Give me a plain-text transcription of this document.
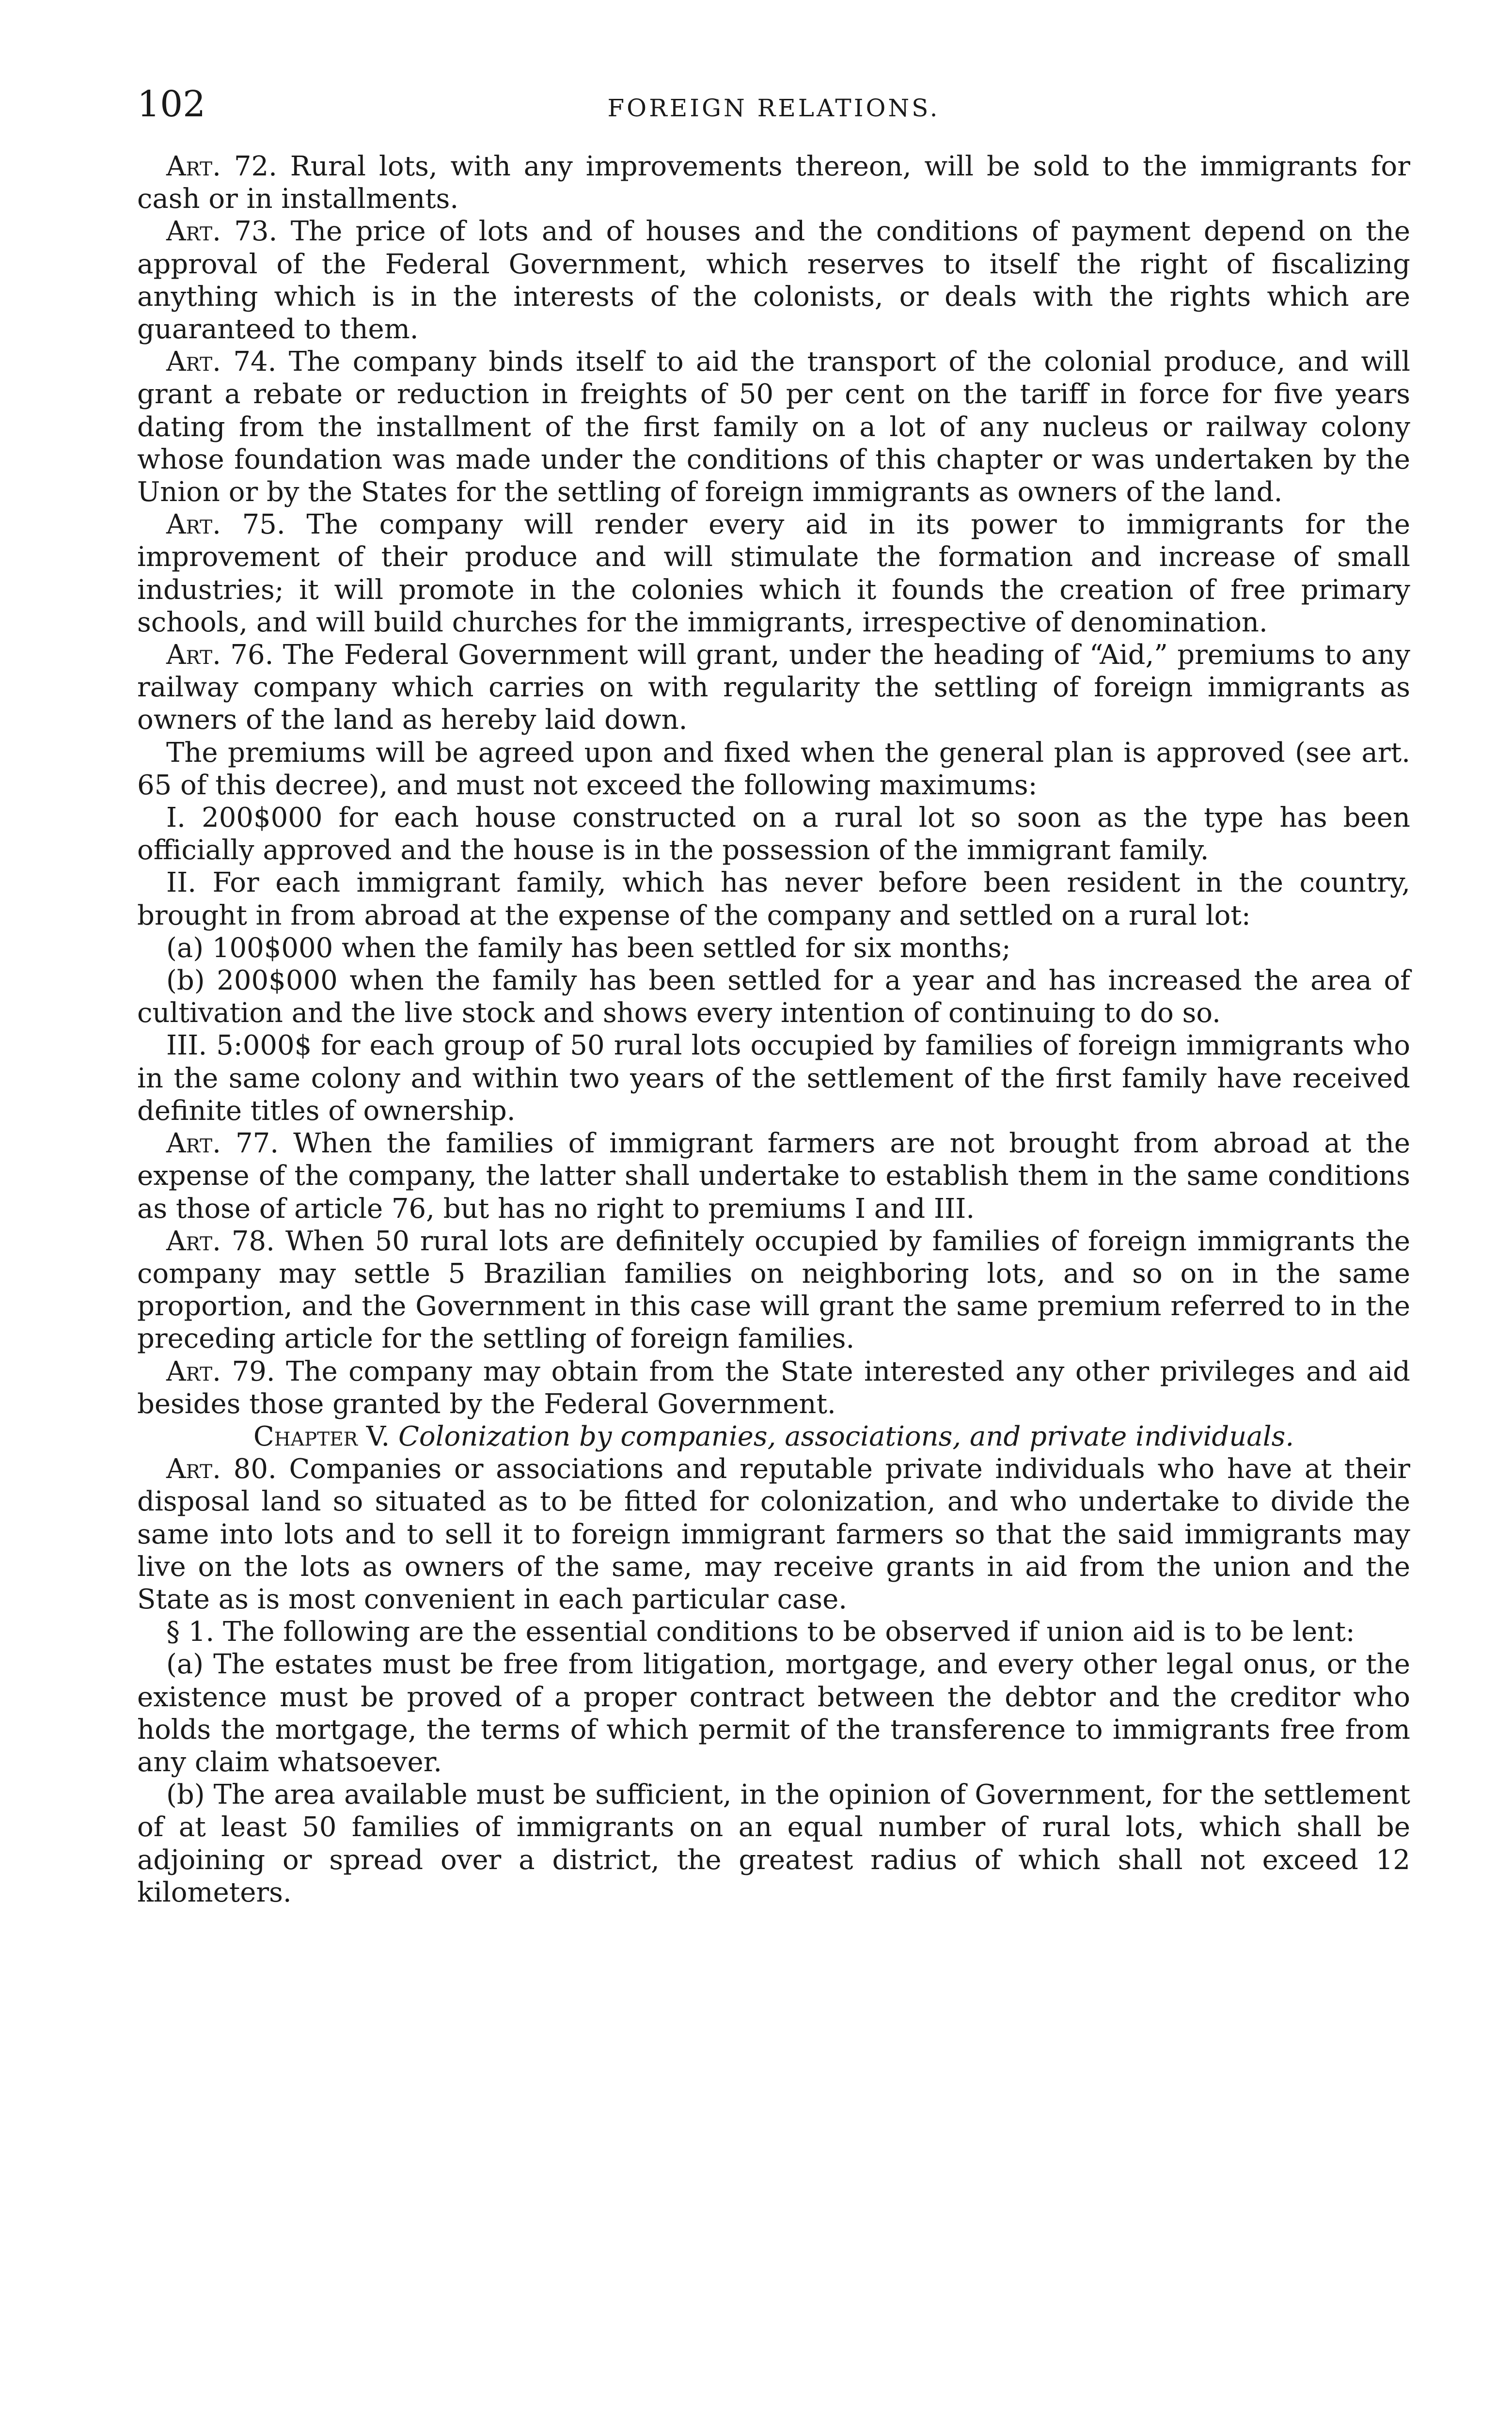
102	FOREIGN RELATIONS.

Art. 72. Rural lots, with any improvements thereon, will be sold to the immigrants for cash or in installments.

Art. 73. The price of lots and of houses and the conditions of payment depend on the approval of the Federal Government, which reserves to itself the right of fiscalizing anything which is in the interests of the colonists, or deals with the rights which are guaranteed to them.

Art. 74. The company binds itself to aid the transport of the colonial produce, and will grant a rebate or reduction in freights of 50 per cent on the tariff in force for five years dating from the installment of the first family on a lot of any nucleus or railway colony whose foundation was made under the conditions of this chapter or was undertaken by the Union or by the States for the settling of foreign immigrants as owners of the land.

Art. 75. The company will render every aid in its power to immigrants for the improvement of their produce and will stimulate the formation and increase of small industries; it will promote in the colonies which it founds the creation of free primary schools, and will build churches for the immigrants, irrespective of denomination.

Art. 76. The Federal Government will grant, under the heading of “Aid,” premiums to any railway company which carries on with regularity the settling of foreign immigrants as owners of the land as hereby laid down.

The premiums will be agreed upon and fixed when the general plan is approved (see art. 65 of this decree), and must not exceed the following maximums:

I. 200$000 for each house constructed on a rural lot so soon as the type has been officially approved and the house is in the possession of the immigrant family.

II. For each immigrant family, which has never before been resident in the country, brought in from abroad at the expense of the company and settled on a rural lot:

(a) 100$000 when the family has been settled for six months;

(b) 200$000 when the family has been settled for a year and has increased the area of cultivation and the live stock and shows every intention of continuing to do so.

III. 5:000$ for each group of 50 rural lots occupied by families of foreign immigrants who in the same colony and within two years of the settlement of the first family have received definite titles of ownership.

Art. 77. When the families of immigrant farmers are not brought from abroad at the expense of the company, the latter shall undertake to establish them in the same conditions as those of article 76, but has no right to premiums I and III.

Art. 78. When 50 rural lots are definitely occupied by families of foreign immigrants the company may settle 5 Brazilian families on neighboring lots, and so on in the same proportion, and the Government in this case will grant the same premium referred to in the preceding article for the settling of foreign families.

Art. 79. The company may obtain from the State interested any other privileges and aid besides those granted by the Federal Government.

Chapter V. Colonization by companies, associations, and private individuals.

Art. 80. Companies or associations and reputable private individuals who have at their disposal land so situated as to be fitted for colonization, and who undertake to divide the same into lots and to sell it to foreign immigrant farmers so that the said immigrants may live on the lots as owners of the same, may receive grants in aid from the union and the State as is most convenient in each particular case.

§ 1. The following are the essential conditions to be observed if union aid is to be lent:

(a) The estates must be free from litigation, mortgage, and every other legal onus, or the existence must be proved of a proper contract between the debtor and the creditor who holds the mortgage, the terms of which permit of the transference to immigrants free from any claim whatsoever.

(b) The area available must be sufficient, in the opinion of Government, for the settlement of at least 50 families of immigrants on an equal number of rural lots, which shall be adjoining or spread over a district, the greatest radius of which shall not exceed 12 kilometers.
